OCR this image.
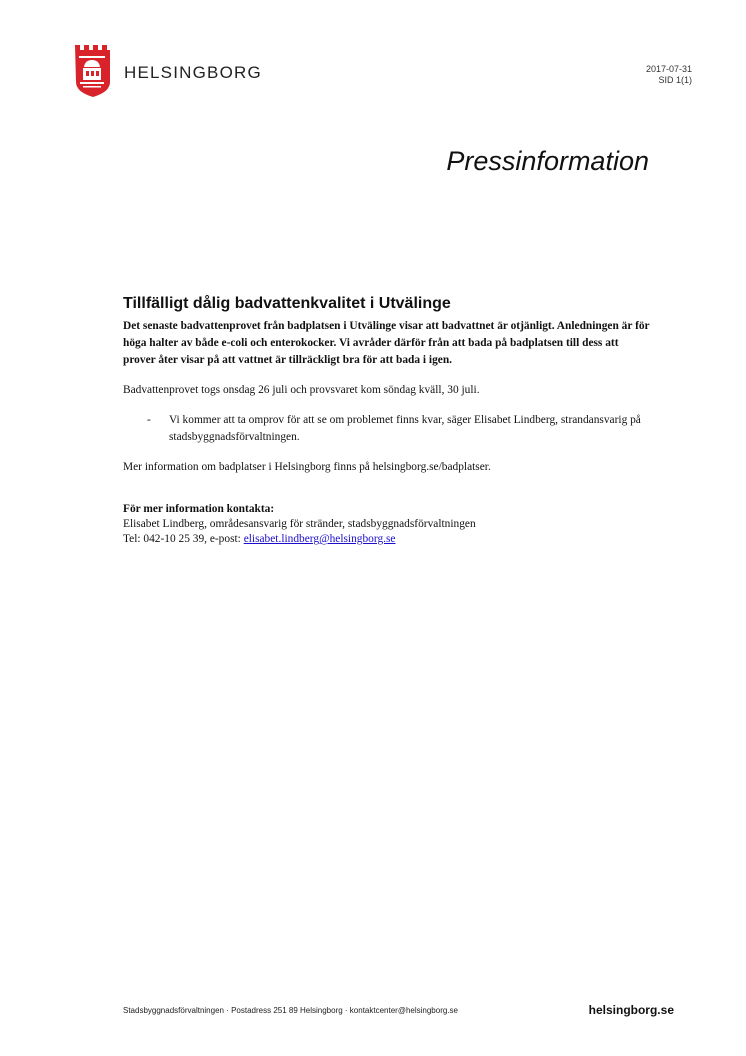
HELSINGBORG	2017-07-31
SID 1(1)
Pressinformation
Tillfälligt dålig badvattenkvalitet i Utvälinge

Det senaste badvattenprovet från badplatsen i Utvälinge visar att badvattnet är otjänligt. Anledningen är för höga halter av både e-coli och enterokocker. Vi avråder därför från att bada på badplatsen till dess att prover åter visar på att vattnet är tillräckligt bra för att bada i igen.

Badvattenprovet togs onsdag 26 juli och provsvaret kom söndag kväll, 30 juli.

-	Vi kommer att ta omprov för att se om problemet finns kvar, säger Elisabet Lindberg, strandansvarig på stadsbyggnadsförvaltningen.

Mer information om badplatser i Helsingborg finns på helsingborg.se/badplatser.

För mer information kontakta:
Elisabet Lindberg, områdesansvarig för stränder, stadsbyggnadsförvaltningen
Tel: 042-10 25 39, e-post: elisabet.lindberg@helsingborg.se
Stadsbyggnadsförvaltningen · Postadress 251 89 Helsingborg · kontaktcenter@helsingborg.se	helsingborg.se
